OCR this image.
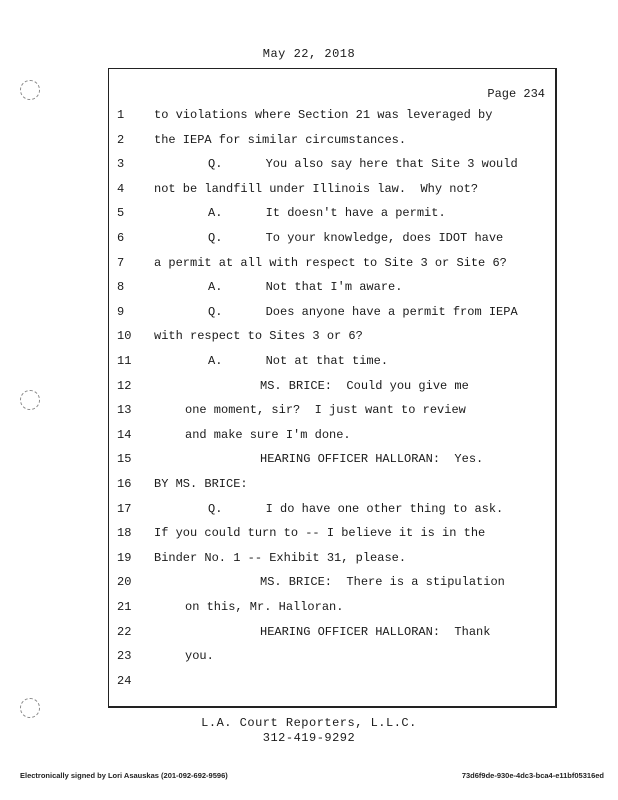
May 22, 2018
Page 234
1	to violations where Section 21 was leveraged by
2	the IEPA for similar circumstances.
3	Q.      You also say here that Site 3 would
4	not be landfill under Illinois law.  Why not?
5	A.      It doesn't have a permit.
6	Q.      To your knowledge, does IDOT have
7	a permit at all with respect to Site 3 or Site 6?
8	A.      Not that I'm aware.
9	Q.      Does anyone have a permit from IEPA
10	with respect to Sites 3 or 6?
11	A.      Not at that time.
12	MS. BRICE:  Could you give me
13	one moment, sir?  I just want to review
14	and make sure I'm done.
15	HEARING OFFICER HALLORAN:  Yes.
16	BY MS. BRICE:
17	Q.      I do have one other thing to ask.
18	If you could turn to -- I believe it is in the
19	Binder No. 1 -- Exhibit 31, please.
20	MS. BRICE:  There is a stipulation
21	on this, Mr. Halloran.
22	HEARING OFFICER HALLORAN:  Thank
23	you.
24
L.A. Court Reporters, L.L.C.
312-419-9292
Electronically signed by Lori Asauskas (201-092-692-9596)	73d6f9de-930e-4dc3-bca4-e11bf05316ed
